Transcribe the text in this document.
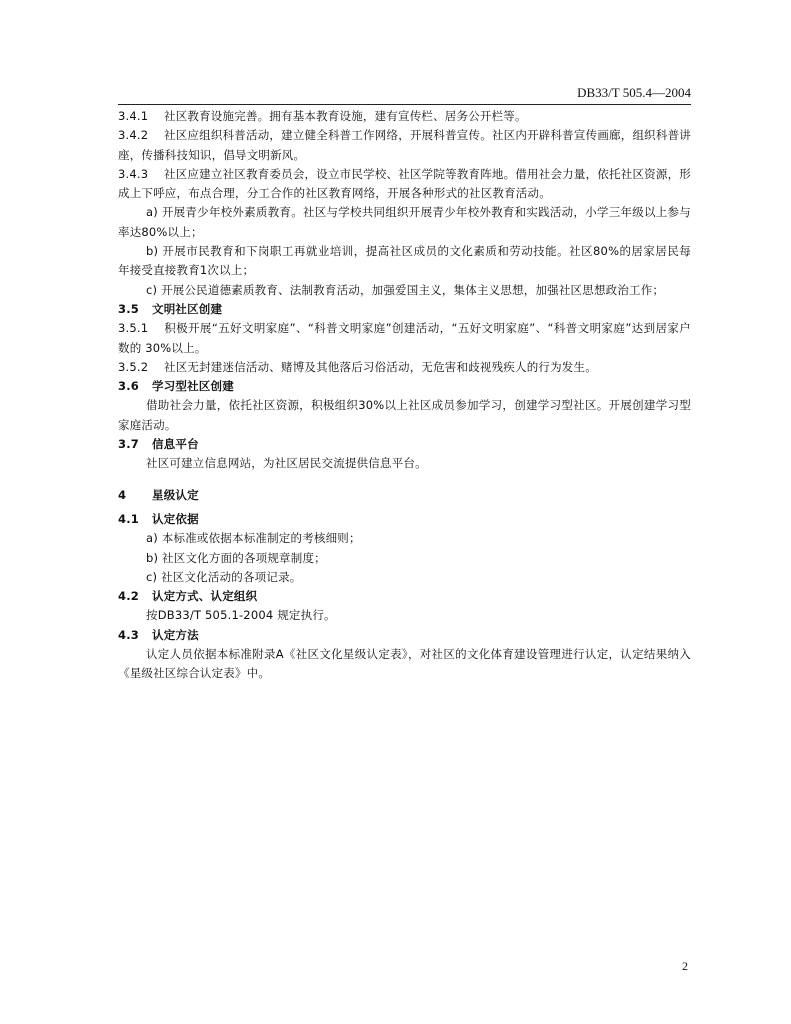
DB33/T 505.4—2004

3.4.1 社区教育设施完善。拥有基本教育设施，建有宣传栏、居务公开栏等。

3.4.2 社区应组织科普活动，建立健全科普工作网络，开展科普宣传。社区内开辟科普宣传画廊，组织科普讲座，传播科技知识，倡导文明新风。

3.4.3 社区应建立社区教育委员会，设立市民学校、社区学院等教育阵地。借用社会力量，依托社区资源，形成上下呼应，布点合理，分工合作的社区教育网络，开展各种形式的社区教育活动。

a) 开展青少年校外素质教育。社区与学校共同组织开展青少年校外教育和实践活动，小学三年级以上参与率达80%以上；

b) 开展市民教育和下岗职工再就业培训，提高社区成员的文化素质和劳动技能。社区80%的居家居民每年接受直接教育1次以上；

c) 开展公民道德素质教育、法制教育活动，加强爱国主义，集体主义思想，加强社区思想政治工作；

3.5 文明社区创建

3.5.1 积极开展“五好文明家庭”、“科普文明家庭”创建活动，“五好文明家庭”、“科普文明家庭”达到居家户数的 30%以上。

3.5.2 社区无封建迷信活动、赌博及其他落后习俗活动，无危害和歧视残疾人的行为发生。

3.6 学习型社区创建

借助社会力量，依托社区资源，积极组织30%以上社区成员参加学习，创建学习型社区。开展创建学习型家庭活动。

3.7 信息平台

社区可建立信息网站，为社区居民交流提供信息平台。

4 星级认定

4.1 认定依据

a) 本标准或依据本标准制定的考核细则；

b) 社区文化方面的各项规章制度；

c) 社区文化活动的各项记录。

4.2 认定方式、认定组织

按DB33/T 505.1-2004 规定执行。

4.3 认定方法

认定人员依据本标准附录A《社区文化星级认定表》，对社区的文化体育建设管理进行认定，认定结果纳入《星级社区综合认定表》中。

2
